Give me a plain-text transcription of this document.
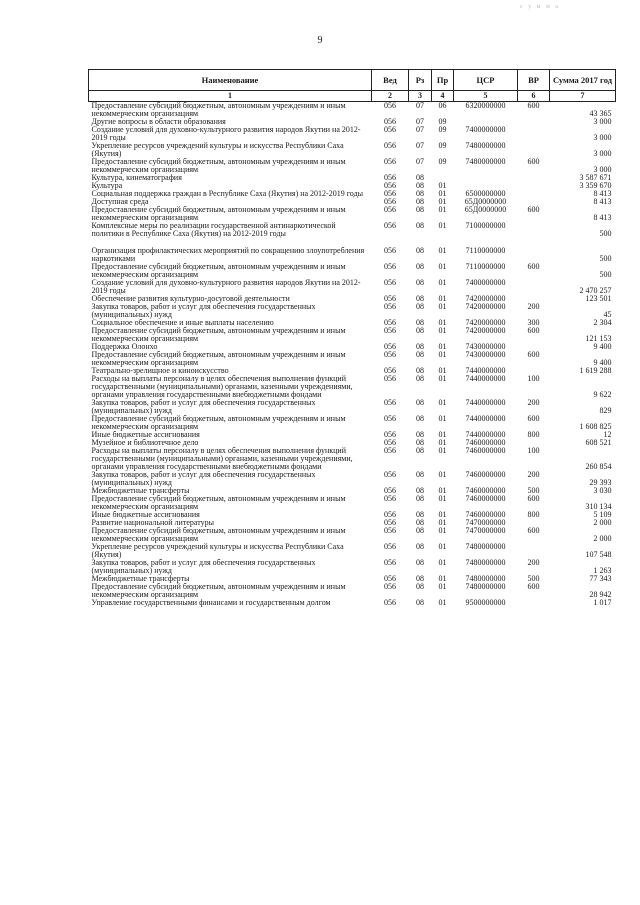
с у м м а
9
Наименование	Вед	Рз	Пр	ЦСР	ВР	Сумма 2017 год
1	2	3	4	5	6	7
Предоставление субсидий бюджетным, автономным учреждениям и иным некоммерческим организациям	056	07	06	6320000000	600	43 365
Другие вопросы в области образования	056	07	09			3 000
Создание условий для духовно-культурного развития народов Якутии на 2012-2019 годы	056	07	09	7400000000		3 000
Укрепление ресурсов учреждений культуры и искусства Республики Саха (Якутия)	056	07	09	7480000000		3 000
Предоставление субсидий бюджетным, автономным учреждениям и иным некоммерческим организациям	056	07	09	7480000000	600	3 000
Культура, кинематография	056	08				3 587 671
Культура	056	08	01			3 359 670
Социальная поддержка граждан в Республике Саха (Якутия) на 2012-2019 годы	056	08	01	6500000000		8 413
Доступная среда	056	08	01	65Д0000000		8 413
Предоставление субсидий бюджетным, автономным учреждениям и иным некоммерческим организациям	056	08	01	65Д0000000	600	8 413
Комплексные меры по реализации государственной антинаркотической политики в Республике Саха (Якутия) на 2012-2019 годы	056	08	01	7100000000		500

Организация профилактических мероприятий по сокращению злоупотребления наркотиками	056	08	01	7110000000		500
Предоставление субсидий бюджетным, автономным учреждениям и иным некоммерческим организациям	056	08	01	7110000000	600	500
Создание условий для духовно-культурного развития народов Якутии на 2012-2019 годы	056	08	01	7400000000		2 470 257
Обеспечение развития культурно-досуговой деятельности	056	08	01	7420000000		123 501
Закупка товаров, работ и услуг для обеспечения государственных (муниципальных) нужд	056	08	01	7420000000	200	45
Социальное обеспечение и иные выплаты населению	056	08	01	7420000000	300	2 304
Предоставление субсидий бюджетным, автономным учреждениям и иным некоммерческим организациям	056	08	01	7420000000	600	121 153
Поддержка Олонхо	056	08	01	7430000000		9 400
Предоставление субсидий бюджетным, автономным учреждениям и иным некоммерческим организациям	056	08	01	7430000000	600	9 400
Театрально-зрелищное и киноискусство	056	08	01	7440000000		1 619 288
Расходы на выплаты персоналу в целях обеспечения выполнения функций государственными (муниципальными) органами, казенными учреждениями, органами управления государственными внебюджетными фондами	056	08	01	7440000000	100	9 622
Закупка товаров, работ и услуг для обеспечения государственных (муниципальных) нужд	056	08	01	7440000000	200	829
Предоставление субсидий бюджетным, автономным учреждениям и иным некоммерческим организациям	056	08	01	7440000000	600	1 608 825
Иные бюджетные ассигнования	056	08	01	7440000000	800	12
Музейное и библиотечное дело	056	08	01	7460000000		608 521
Расходы на выплаты персоналу в целях обеспечения выполнения функций государственными (муниципальными) органами, казенными учреждениями, органами управления государственными внебюджетными фондами	056	08	01	7460000000	100	260 854
Закупка товаров, работ и услуг для обеспечения государственных (муниципальных) нужд	056	08	01	7460000000	200	29 393
Межбюджетные трансферты	056	08	01	7460000000	500	3 030
Предоставление субсидий бюджетным, автономным учреждениям и иным некоммерческим организациям	056	08	01	7460000000	600	310 134
Иные бюджетные ассигнования	056	08	01	7460000000	800	5 109
Развитие национальной литературы	056	08	01	7470000000		2 000
Предоставление субсидий бюджетным, автономным учреждениям и иным некоммерческим организациям	056	08	01	7470000000	600	2 000
Укрепление ресурсов учреждений культуры и искусства Республики Саха (Якутия)	056	08	01	7480000000		107 548
Закупка товаров, работ и услуг для обеспечения государственных (муниципальных) нужд	056	08	01	7480000000	200	1 263
Межбюджетные трансферты	056	08	01	7480000000	500	77 343
Предоставление субсидий бюджетным, автономным учреждениям и иным некоммерческим организациям	056	08	01	7480000000	600	28 942
Управление государственными финансами и государственным долгом	056	08	01	9500000000		1 017
